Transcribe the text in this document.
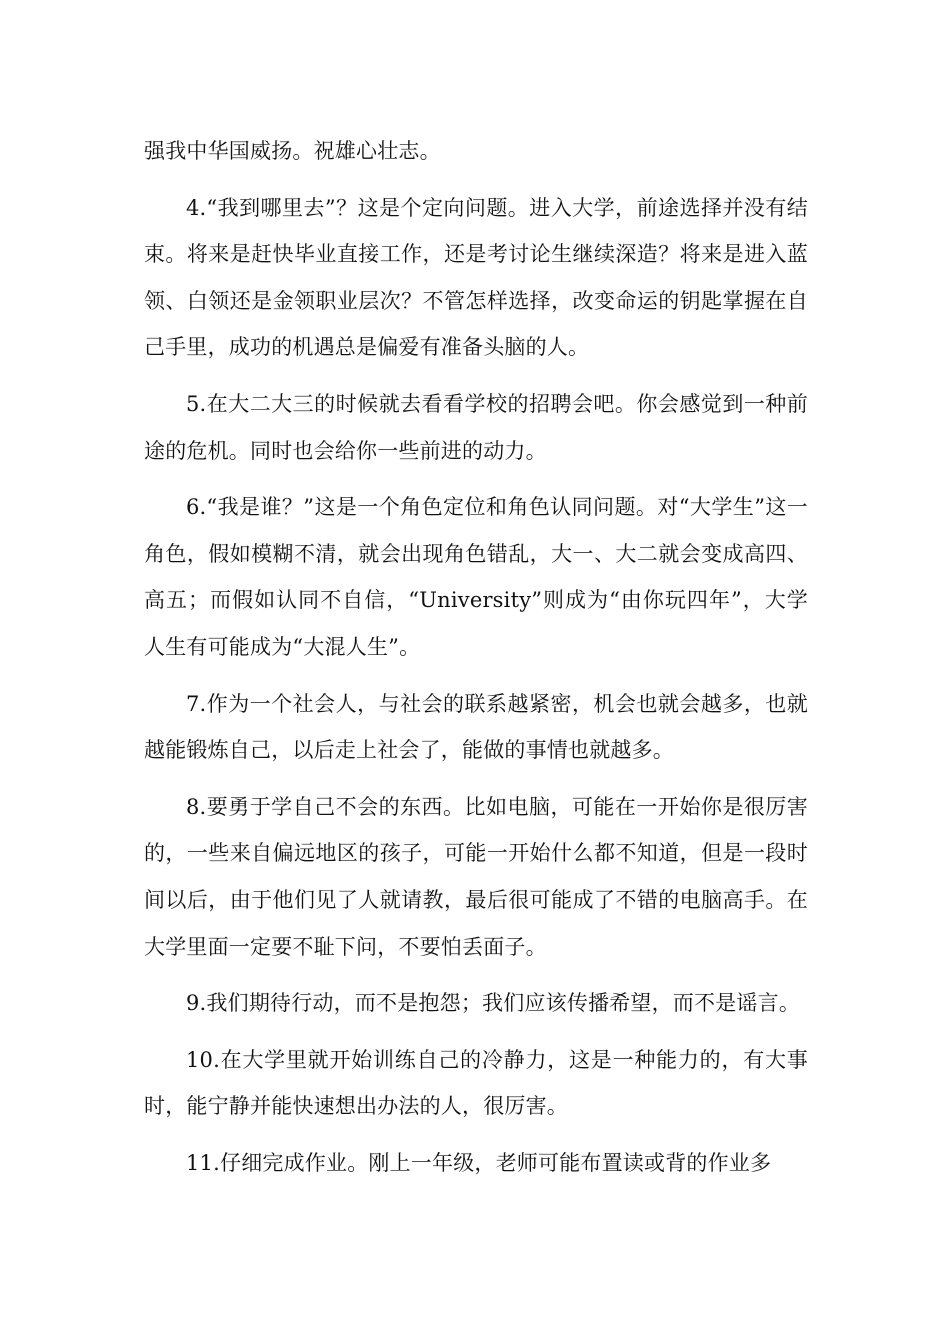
强我中华国威扬。祝雄心壮志。

4.“我到哪里去”？这是个定向问题。进入大学，前途选择并没有结束。将来是赶快毕业直接工作，还是考讨论生继续深造？将来是进入蓝领、白领还是金领职业层次？不管怎样选择，改变命运的钥匙掌握在自己手里，成功的机遇总是偏爱有准备头脑的人。

5.在大二大三的时候就去看看学校的招聘会吧。你会感觉到一种前途的危机。同时也会给你一些前进的动力。

6.“我是谁？”这是一个角色定位和角色认同问题。对“大学生”这一角色，假如模糊不清，就会出现角色错乱，大一、大二就会变成高四、高五；而假如认同不自信，“University”则成为“由你玩四年”，大学人生有可能成为“大混人生”。

7.作为一个社会人，与社会的联系越紧密，机会也就会越多，也就越能锻炼自己，以后走上社会了，能做的事情也就越多。

8.要勇于学自己不会的东西。比如电脑，可能在一开始你是很厉害的，一些来自偏远地区的孩子，可能一开始什么都不知道，但是一段时间以后，由于他们见了人就请教，最后很可能成了不错的电脑高手。在大学里面一定要不耻下问，不要怕丢面子。

9.我们期待行动，而不是抱怨；我们应该传播希望，而不是谣言。

10.在大学里就开始训练自己的冷静力，这是一种能力的，有大事时，能宁静并能快速想出办法的人，很厉害。

11.仔细完成作业。刚上一年级，老师可能布置读或背的作业多
